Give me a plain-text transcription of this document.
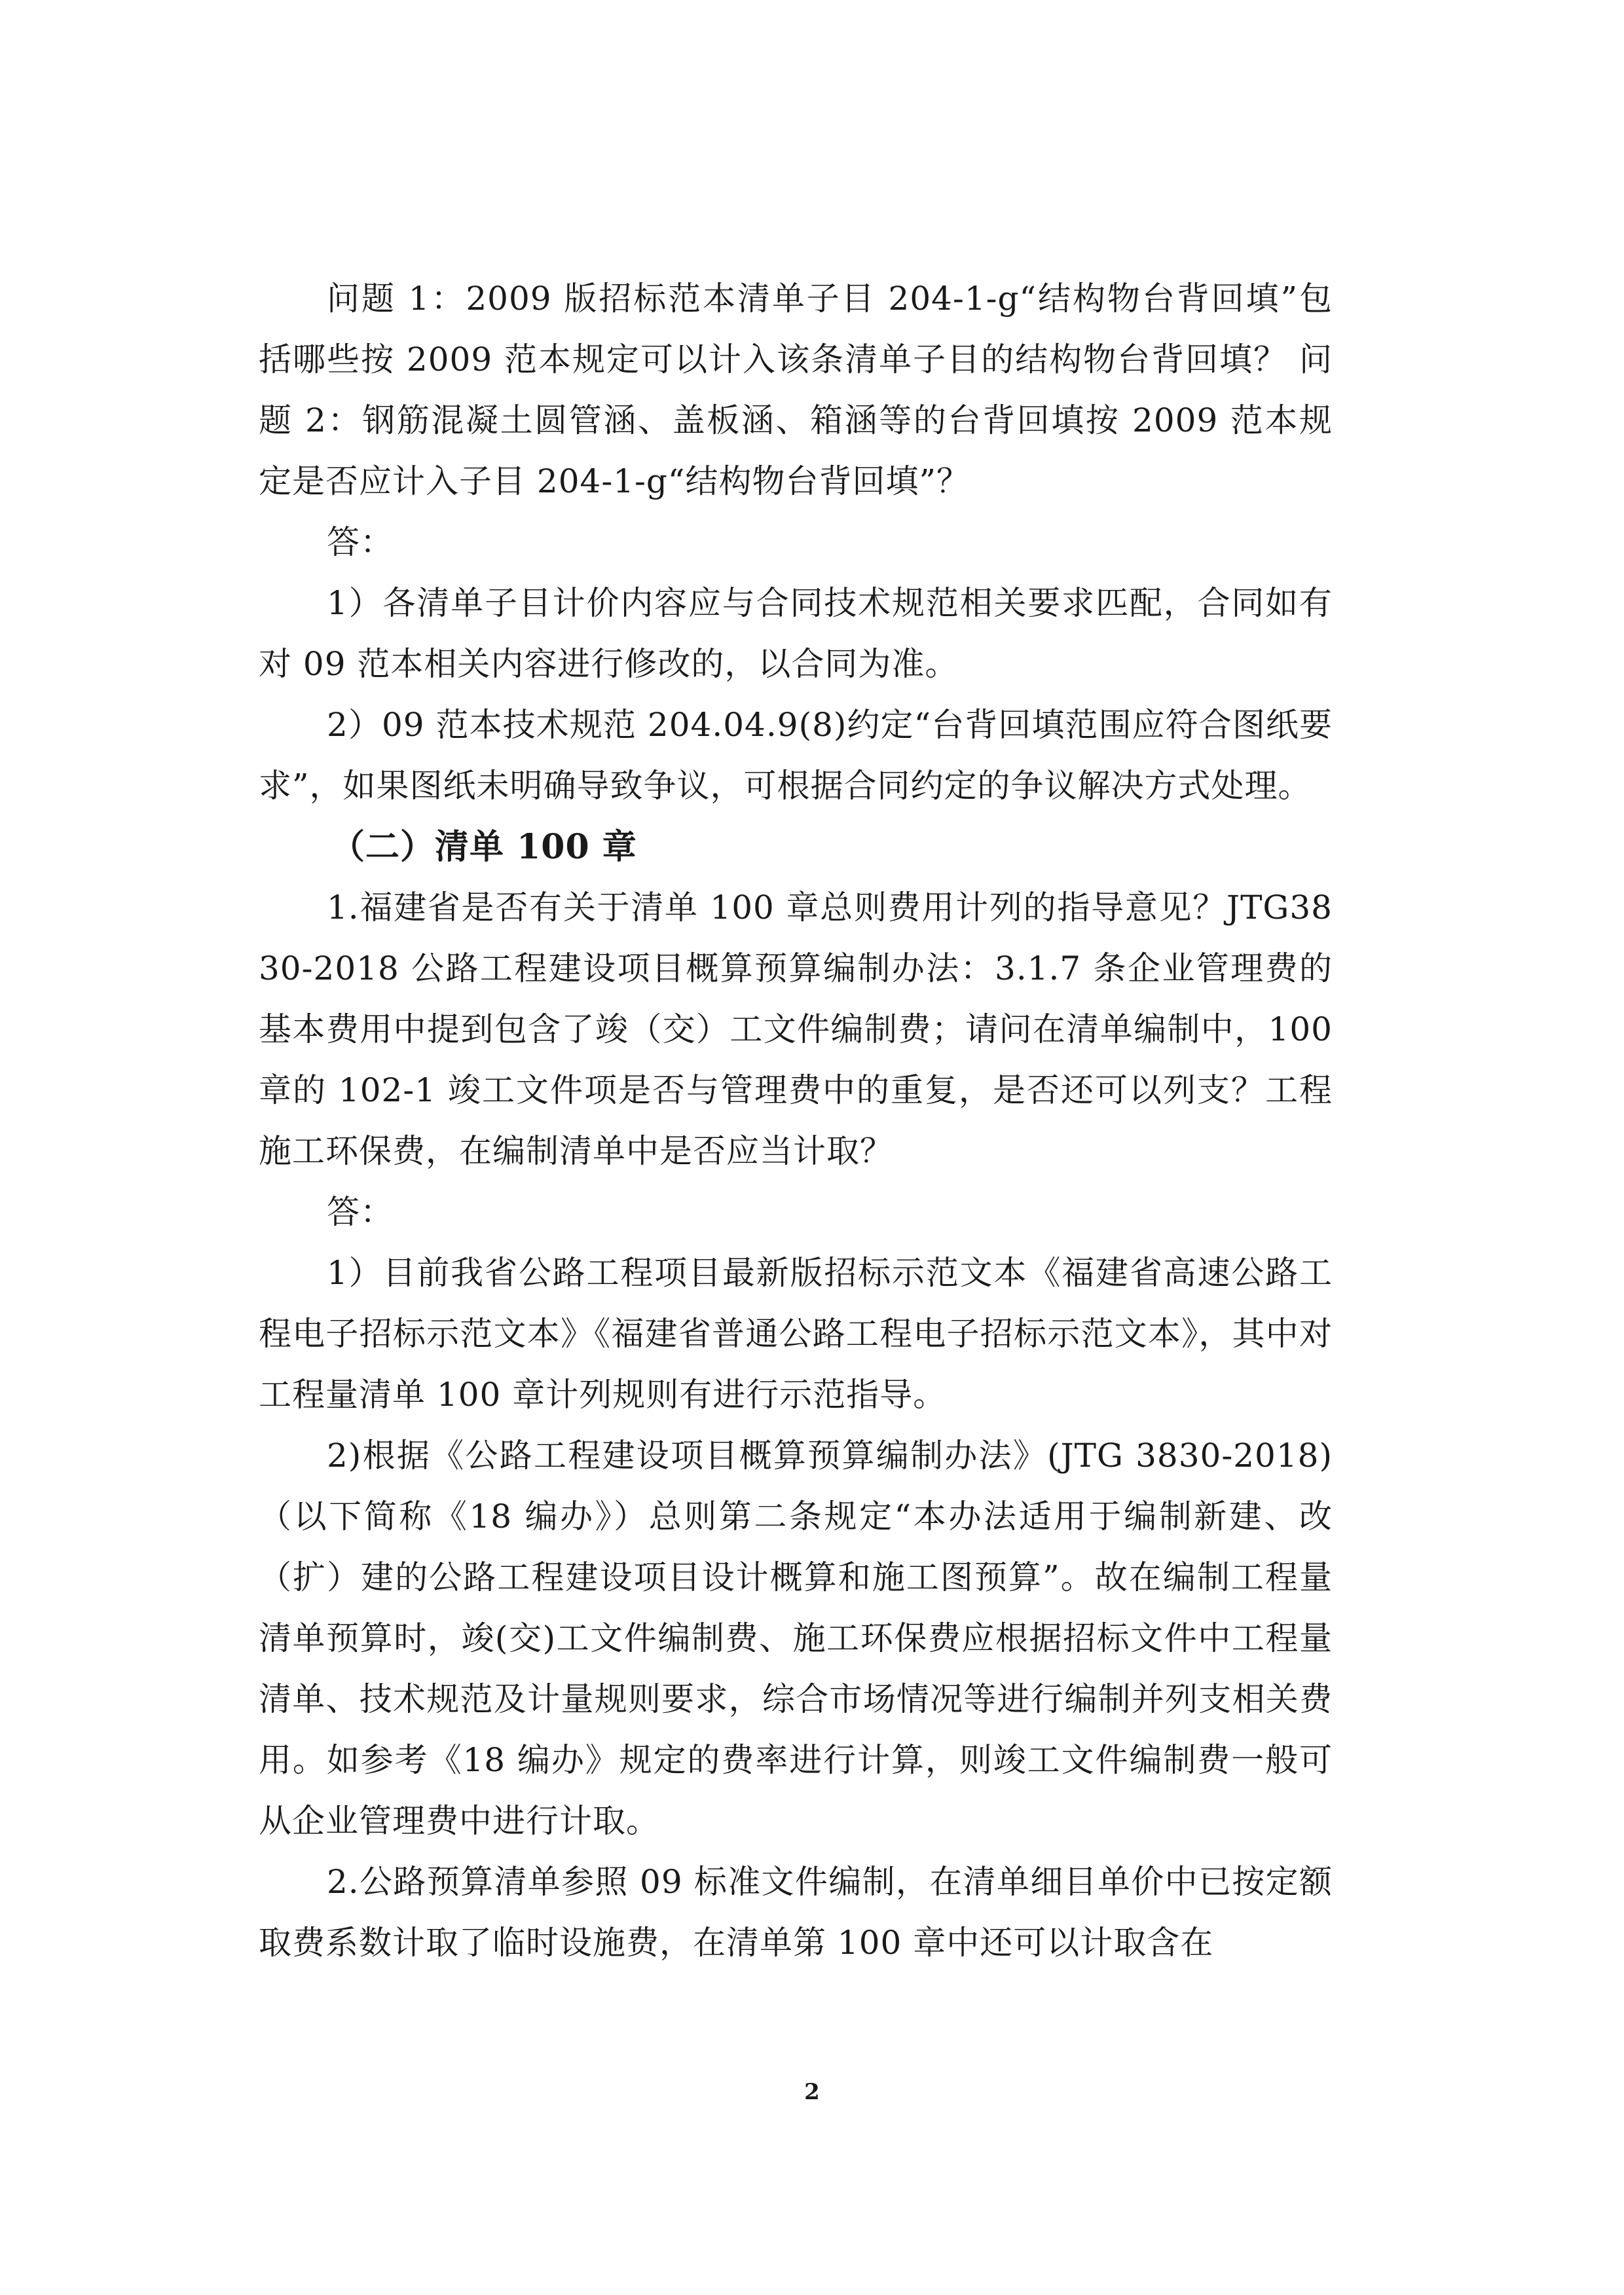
问题 1：2009 版招标范本清单子目 204-1-g“结构物台背回填”包括哪些按 2009 范本规定可以计入该条清单子目的结构物台背回填？ 问题 2：钢筋混凝土圆管涵、盖板涵、箱涵等的台背回填按 2009 范本规定是否应计入子目 204-1-g“结构物台背回填”？

答：

1）各清单子目计价内容应与合同技术规范相关要求匹配，合同如有对 09 范本相关内容进行修改的，以合同为准。

2）09 范本技术规范 204.04.9(8)约定“台背回填范围应符合图纸要求”，如果图纸未明确导致争议，可根据合同约定的争议解决方式处理。

（二）清单 100 章

1.福建省是否有关于清单 100 章总则费用计列的指导意见？JTG3830-2018 公路工程建设项目概算预算编制办法：3.1.7 条企业管理费的基本费用中提到包含了竣（交）工文件编制费；请问在清单编制中，100 章的 102-1 竣工文件项是否与管理费中的重复，是否还可以列支？工程施工环保费，在编制清单中是否应当计取？

答：

1）目前我省公路工程项目最新版招标示范文本《福建省高速公路工程电子招标示范文本》《福建省普通公路工程电子招标示范文本》，其中对工程量清单 100 章计列规则有进行示范指导。

2)根据《公路工程建设项目概算预算编制办法》(JTG 3830-2018)（以下简称《18 编办》）总则第二条规定“本办法适用于编制新建、改（扩）建的公路工程建设项目设计概算和施工图预算”。故在编制工程量清单预算时，竣(交)工文件编制费、施工环保费应根据招标文件中工程量清单、技术规范及计量规则要求，综合市场情况等进行编制并列支相关费用。如参考《18 编办》规定的费率进行计算，则竣工文件编制费一般可从企业管理费中进行计取。

2.公路预算清单参照 09 标准文件编制，在清单细目单价中已按定额取费系数计取了临时设施费，在清单第 100 章中还可以计取含在

2
